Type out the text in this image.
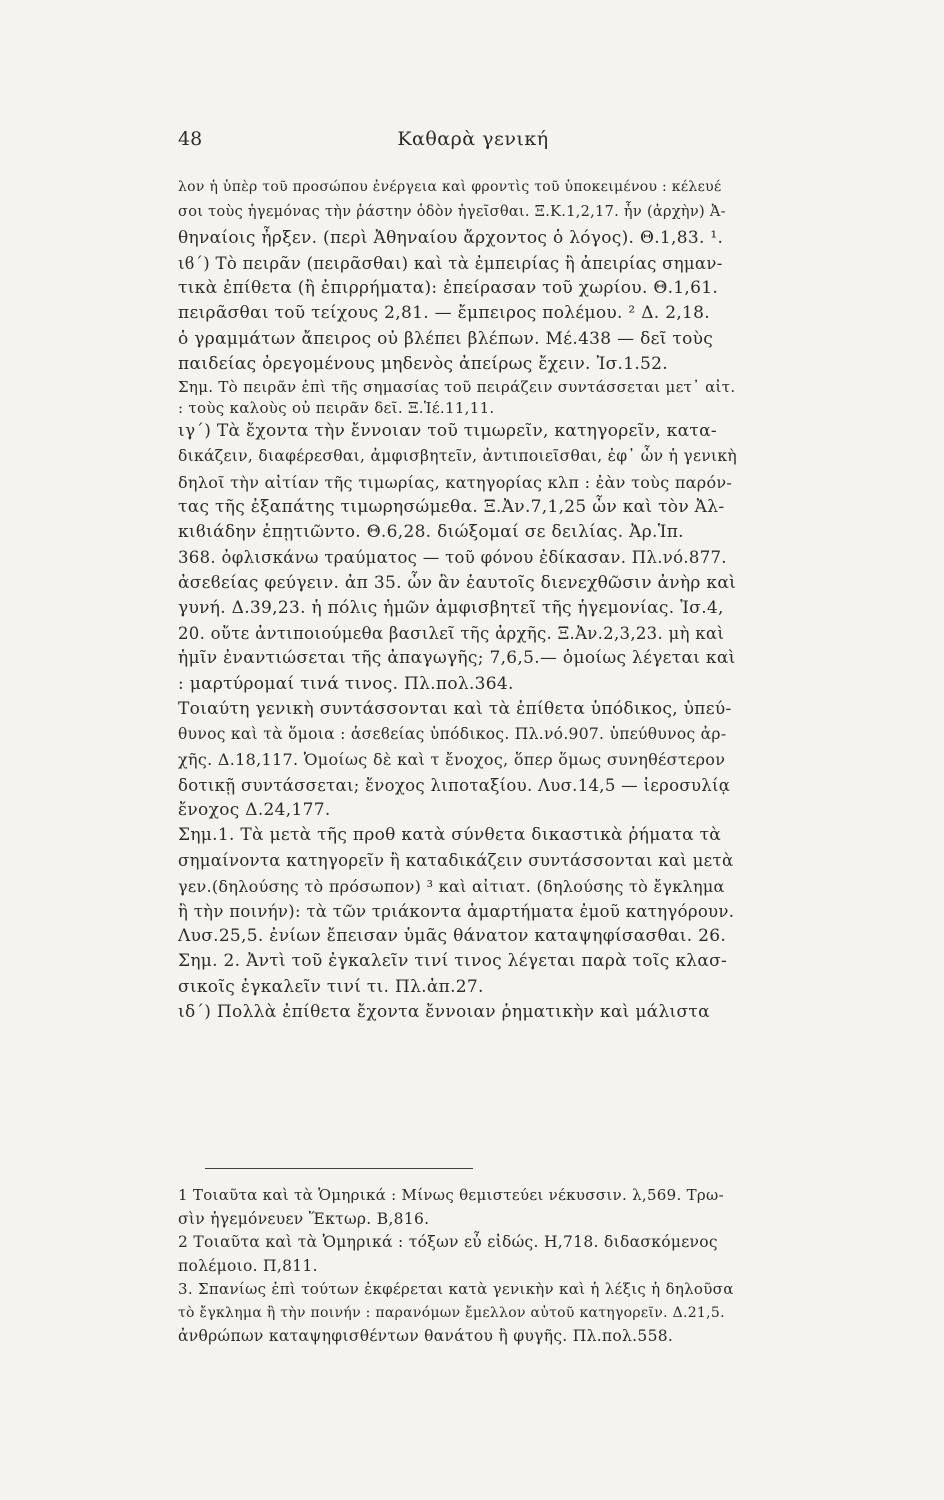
48	Καθαρὰ γενική
λον ἡ ὑπὲρ τοῦ προσώπου ἐνέργεια καὶ φροντὶς τοῦ ὑποκειμένου : κέλευέ
σοι τοὺς ἡγεμόνας τὴν ῥάστην ὁδὸν ἡγεῖσθαι. Ξ.Κ.1,2,17. ἧν (ἀρχὴν) Ἀ-
θηναίοις ἦρξεν. (περὶ Ἀθηναίου ἄρχοντος ὁ λόγος). Θ.1,83. ¹.
ιϐ΄) Τὸ πειρᾶν (πειρᾶσθαι) καὶ τὰ ἐμπειρίας ἢ ἀπειρίας σημαν-
τικὰ ἐπίθετα (ἢ ἐπιρρήματα): ἐπείρασαν τοῦ χωρίου. Θ.1,61.
πειρᾶσθαι τοῦ τείχους 2,81. — ἔμπειρος πολέμου. ² Δ. 2,18.
ὁ γραμμάτων ἄπειρος οὐ βλέπει βλέπων. Μέ.438 — δεῖ τοὺς
παιδείας ὀρεγομένους μηδενὸς ἀπείρως ἔχειν. Ἰσ.1.52.
Σημ. Τὸ πειρᾶν ἐπὶ τῆς σημασίας τοῦ πειράζειν συντάσσεται μετ᾽ αἰτ.
: τοὺς καλοὺς οὐ πειρᾶν δεῖ. Ξ.Ἱέ.11,11.
ιγ΄) Τὰ ἔχοντα τὴν ἔννοιαν τοῦ τιμωρεῖν, κατηγορεῖν, κατα-
δικάζειν, διαφέρεσθαι, ἀμφισβητεῖν, ἀντιποιεῖσθαι, ἐφ᾽ ὧν ἡ γενικὴ
δηλοῖ τὴν αἰτίαν τῆς τιμωρίας, κατηγορίας κλπ : ἐὰν τοὺς παρόν-
τας τῆς ἐξαπάτης τιμωρησώμεθα. Ξ.Ἀν.7,1,25 ὧν καὶ τὸν Ἀλ-
κιϐιάδην ἐπῃτιῶντο. Θ.6,28. διώξομαί σε δειλίας. Ἀρ.Ἱπ.
368. ὀφλισκάνω τραύματος — τοῦ φόνου ἐδίκασαν. Πλ.νό.877.
ἀσεϐείας φεύγειν. ἀπ 35. ὧν ἂν ἑαυτοῖς διενεχθῶσιν ἀνὴρ καὶ
γυνή. Δ.39,23. ἡ πόλις ἡμῶν ἀμφισβητεῖ τῆς ἡγεμονίας. Ἰσ.4,
20. οὔτε ἀντιποιούμεθα βασιλεῖ τῆς ἀρχῆς. Ξ.Ἀν.2,3,23. μὴ καὶ
ἡμῖν ἐναντιώσεται τῆς ἀπαγωγῆς; 7,6,5.— ὁμοίως λέγεται καὶ
: μαρτύρομαί τινά τινος. Πλ.πολ.364.
Τοιαύτη γενικὴ συντάσσονται καὶ τὰ ἐπίθετα ὑπόδικος, ὑπεύ-
θυνος καὶ τὰ ὅμοια : ἀσεϐείας ὑπόδικος. Πλ.νό.907. ὑπεύθυνος ἀρ-
χῆς. Δ.18,117. Ὁμοίως δὲ καὶ τ ἔνοχος, ὅπερ ὅμως συνηθέστερον
δοτικῇ συντάσσεται; ἔνοχος λιποταξίου. Λυσ.14,5 — ἱεροσυλίᾳ
ἔνοχος Δ.24,177.
Σημ.1. Τὰ μετὰ τῆς προθ κατὰ σύνθετα δικαστικὰ ῥήματα τὰ
σημαίνοντα κατηγορεῖν ἢ καταδικάζειν συντάσσονται καὶ μετὰ
γεν.(δηλούσης τὸ πρόσωπον) ³ καὶ αἰτιατ. (δηλούσης τὸ ἔγκλημα
ἢ τὴν ποινήν): τὰ τῶν τριάκοντα ἁμαρτήματα ἐμοῦ κατηγόρουν.
Λυσ.25,5. ἐνίων ἔπεισαν ὑμᾶς θάνατον καταψηφίσασθαι. 26.
Σημ. 2. Ἀντὶ τοῦ ἐγκαλεῖν τινί τινος λέγεται παρὰ τοῖς κλασ-
σικοῖς ἐγκαλεῖν τινί τι. Πλ.ἀπ.27.
ιδ΄) Πολλὰ ἐπίθετα ἔχοντα ἔννοιαν ῥηματικὴν καὶ μάλιστα
1 Τοιαῦτα καὶ τὰ Ὁμηρικά : Μίνως θεμιστεύει νέκυσσιν. λ,569. Τρω-
σὶν ἡγεμόνευεν Ἕκτωρ. Β,816.
2 Τοιαῦτα καὶ τὰ Ὁμηρικά : τόξων εὖ εἰδώς. Η,718. διδασκόμενος
πολέμοιο. Π,811.
3. Σπανίως ἐπὶ τούτων ἐκφέρεται κατὰ γενικὴν καὶ ἡ λέξις ἡ δηλοῦσα
τὸ ἔγκλημα ἢ τὴν ποινήν : παρανόμων ἔμελλον αὐτοῦ κατηγορεῖν. Δ.21,5.
ἀνθρώπων καταψηφισθέντων θανάτου ἢ φυγῆς. Πλ.πολ.558.
